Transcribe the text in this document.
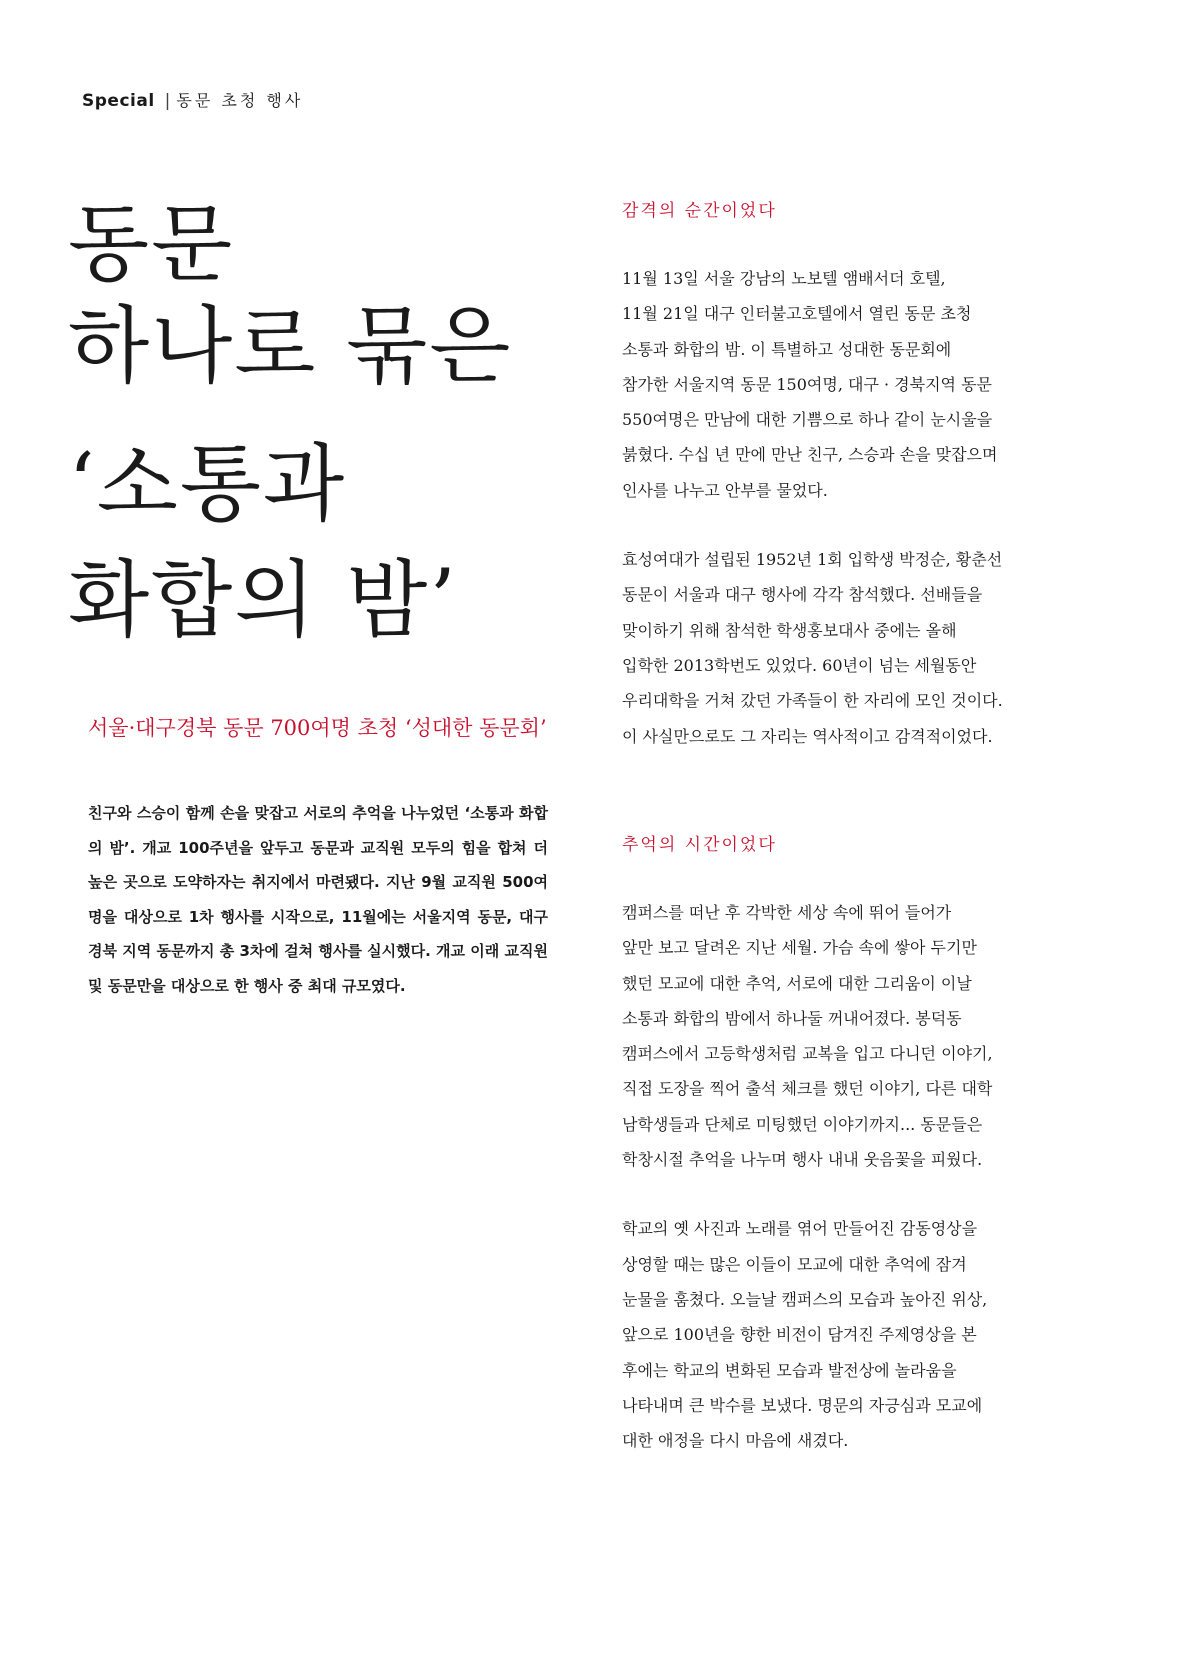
Special | 동문 초청 행사
동문
하나로 묶은
‘소통과
화합의 밤’
서울·대구경북 동문 700여명 초청 ‘성대한 동문회’
친구와 스승이 함께 손을 맞잡고 서로의 추억을 나누었던 ‘소통과 화합의 밤’. 개교 100주년을 앞두고 동문과 교직원 모두의 힘을 합쳐 더 높은 곳으로 도약하자는 취지에서 마련됐다. 지난 9월 교직원 500여명을 대상으로 1차 행사를 시작으로, 11월에는 서울지역 동문, 대구경북 지역 동문까지 총 3차에 걸쳐 행사를 실시했다. 개교 이래 교직원 및 동문만을 대상으로 한 행사 중 최대 규모였다.
감격의 순간이었다

11월 13일 서울 강남의 노보텔 앰배서더 호텔,
11월 21일 대구 인터불고호텔에서 열린 동문 초청
소통과 화합의 밤. 이 특별하고 성대한 동문회에
참가한 서울지역 동문 150여명, 대구 · 경북지역 동문
550여명은 만남에 대한 기쁨으로 하나 같이 눈시울을
붉혔다. 수십 년 만에 만난 친구, 스승과 손을 맞잡으며
인사를 나누고 안부를 물었다.

효성여대가 설립된 1952년 1회 입학생 박정순, 황춘선
동문이 서울과 대구 행사에 각각 참석했다. 선배들을
맞이하기 위해 참석한 학생홍보대사 중에는 올해
입학한 2013학번도 있었다. 60년이 넘는 세월동안
우리대학을 거쳐 갔던 가족들이 한 자리에 모인 것이다.
이 사실만으로도 그 자리는 역사적이고 감격적이었다.

추억의 시간이었다

캠퍼스를 떠난 후 각박한 세상 속에 뛰어 들어가
앞만 보고 달려온 지난 세월. 가슴 속에 쌓아 두기만
했던 모교에 대한 추억, 서로에 대한 그리움이 이날
소통과 화합의 밤에서 하나둘 꺼내어졌다. 봉덕동
캠퍼스에서 고등학생처럼 교복을 입고 다니던 이야기,
직접 도장을 찍어 출석 체크를 했던 이야기, 다른 대학
남학생들과 단체로 미팅했던 이야기까지... 동문들은
학창시절 추억을 나누며 행사 내내 웃음꽃을 피웠다.

학교의 옛 사진과 노래를 엮어 만들어진 감동영상을
상영할 때는 많은 이들이 모교에 대한 추억에 잠겨
눈물을 훔쳤다. 오늘날 캠퍼스의 모습과 높아진 위상,
앞으로 100년을 향한 비전이 담겨진 주제영상을 본
후에는 학교의 변화된 모습과 발전상에 놀라움을
나타내며 큰 박수를 보냈다. 명문의 자긍심과 모교에
대한 애정을 다시 마음에 새겼다.
